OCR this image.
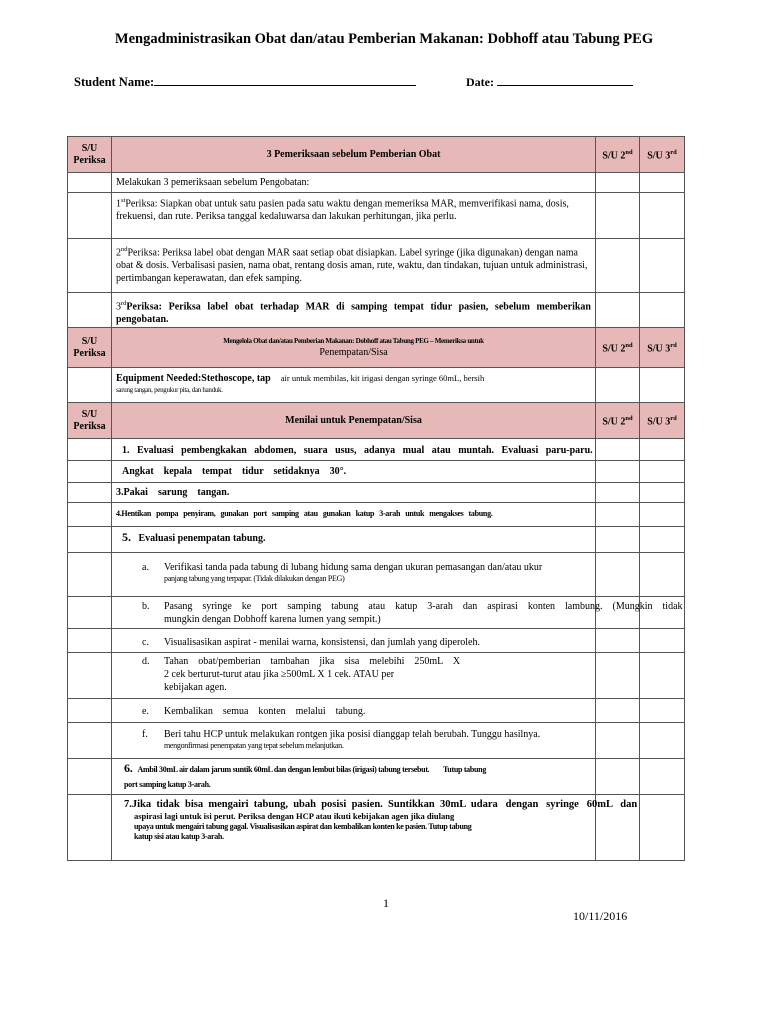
Mengadministrasikan Obat dan/atau Pemberian Makanan: Dobhoff atau Tabung PEG
Student Name:	Date:
S/U Periksa	3 Pemeriksaan sebelum Pemberian Obat	S/U 2nd	S/U 3rd
	Melakukan 3 pemeriksaan sebelum Pengobatan:		
	1stPeriksa: Siapkan obat untuk satu pasien pada satu waktu dengan memeriksa MAR, memverifikasi nama, dosis, frekuensi, dan rute. Periksa tanggal kedaluwarsa dan lakukan perhitungan, jika perlu.		
	2ndPeriksa: Periksa label obat dengan MAR saat setiap obat disiapkan. Label syringe (jika digunakan) dengan nama obat & dosis. Verbalisasi pasien, nama obat, rentang dosis aman, rute, waktu, dan tindakan, tujuan untuk administrasi, pertimbangan keperawatan, dan efek samping.		
	3rdPeriksa: Periksa label obat terhadap MAR di samping tempat tidur pasien, sebelum memberikan pengobatan.		
S/U Periksa	Mengelola Obat dan/atau Pemberian Makanan: Dobhoff atau Tabung PEG – Memeriksa untuk
Penempatan/Sisa	S/U 2nd	S/U 3rd

	Equipment Needed:Stethoscope, tap air untuk membilas, kit irigasi dengan syringe 60mL, bersih
sarung tangan, pengukur pita, dan handuk.		

S/U Periksa	Menilai untuk Penempatan/Sisa	S/U 2nd	S/U 3rd
	1.   Evaluasi   pembengkakan   abdomen,   suara   usus,   adanya   mual   atau   muntah.   Evaluasi   paru-paru.		
	Angkat    kepala    tempat    tidur    setidaknya    30°.		
	3.Pakai    sarung    tangan.		
	4.Hentikan   pompa   penyiram,   gunakan   port   samping   atau   gunakan   katup   3-arah   untuk   mengakses   tabung.		
	5. Evaluasi penempatan tabung.		

	a. Verifikasi tanda pada tabung di lubang hidung sama dengan ukuran pemasangan dan/atau ukur
panjang tabung yang terpapar. (Tidak dilakukan dengan PEG)		

	b. Pasang    syringe    ke    port    samping    tabung    atau    katup    3-arah    dan    aspirasi    konten    lambung.    (Mungkin    tidak
mungkin dengan Dobhoff karena lumen yang sempit.)		

	c. Visualisasikan aspirat - menilai warna, konsistensi, dan jumlah yang diperoleh.		

	d. Tahan    obat/pemberian    tambahan    jika    sisa    melebihi    250mL    X
2 cek berturut-turut atau jika ≥500mL X 1 cek. ATAU per
kebijakan agen.		

	e. Kembalikan    semua    konten    melalui    tabung.		

	f. Beri tahu HCP untuk melakukan rontgen jika posisi dianggap telah berubah. Tunggu hasilnya.
mengonfirmasi penempatan yang tepat sebelum melanjutkan.		

	6. Ambil 30mL air dalam jarum suntik 60mL dan dengan lembut bilas (irigasi) tabung tersebut. Tutup tabung
port samping katup 3-arah.		

	7.Jika  tidak  bisa  mengairi  tabung,  ubah  posisi  pasien.  Suntikkan  30mL  udara   dengan   syringe   60mL   dan
aspirasi lagi untuk isi perut. Periksa dengan HCP atau ikuti kebijakan agen jika diulang
upaya untuk mengairi tabung gagal. Visualisasikan aspirat dan kembalikan konten ke pasien. Tutup tabung
katup sisi atau katup 3-arah.		

1
10/11/2016
